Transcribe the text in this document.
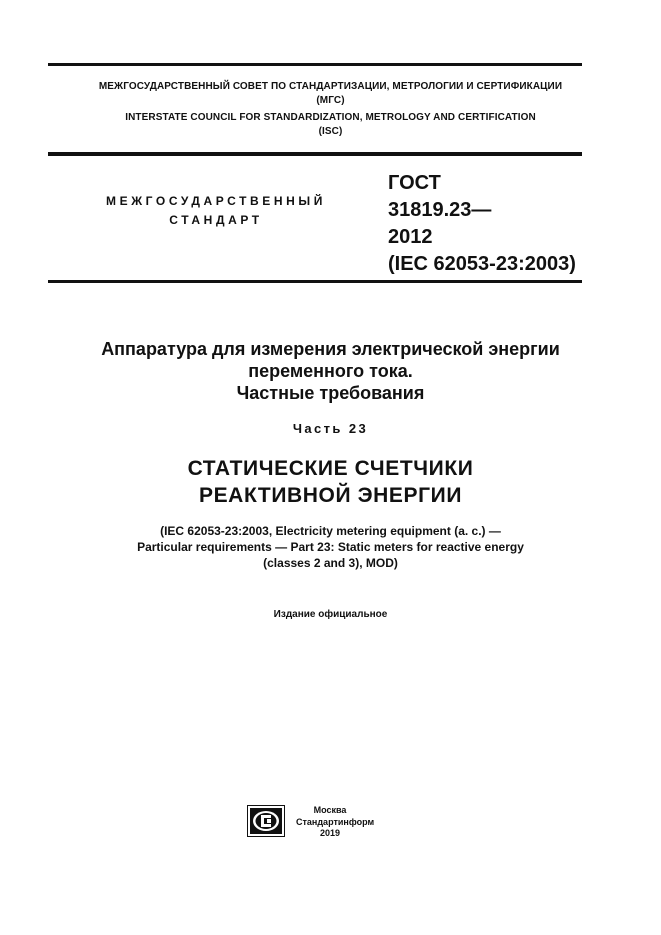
МЕЖГОСУДАРСТВЕННЫЙ СОВЕТ ПО СТАНДАРТИЗАЦИИ, МЕТРОЛОГИИ И СЕРТИФИКАЦИИ
(МГС)
INTERSTATE COUNCIL FOR STANDARDIZATION, METROLOGY AND CERTIFICATION
(ISC)
МЕЖГОСУДАРСТВЕННЫЙ
СТАНДАРТ
ГОСТ
31819.23—
2012
(IEC 62053-23:2003)
Аппаратура для измерения электрической энергии
переменного тока.
Частные требования
Часть 23
СТАТИЧЕСКИЕ СЧЕТЧИКИ
РЕАКТИВНОЙ ЭНЕРГИИ
(IEC 62053-23:2003, Electricity metering equipment (a. c.) —
Particular requirements — Part 23: Static meters for reactive energy
(classes 2 and 3), MOD)
Издание официальное
Москва
Стандартинформ
2019
